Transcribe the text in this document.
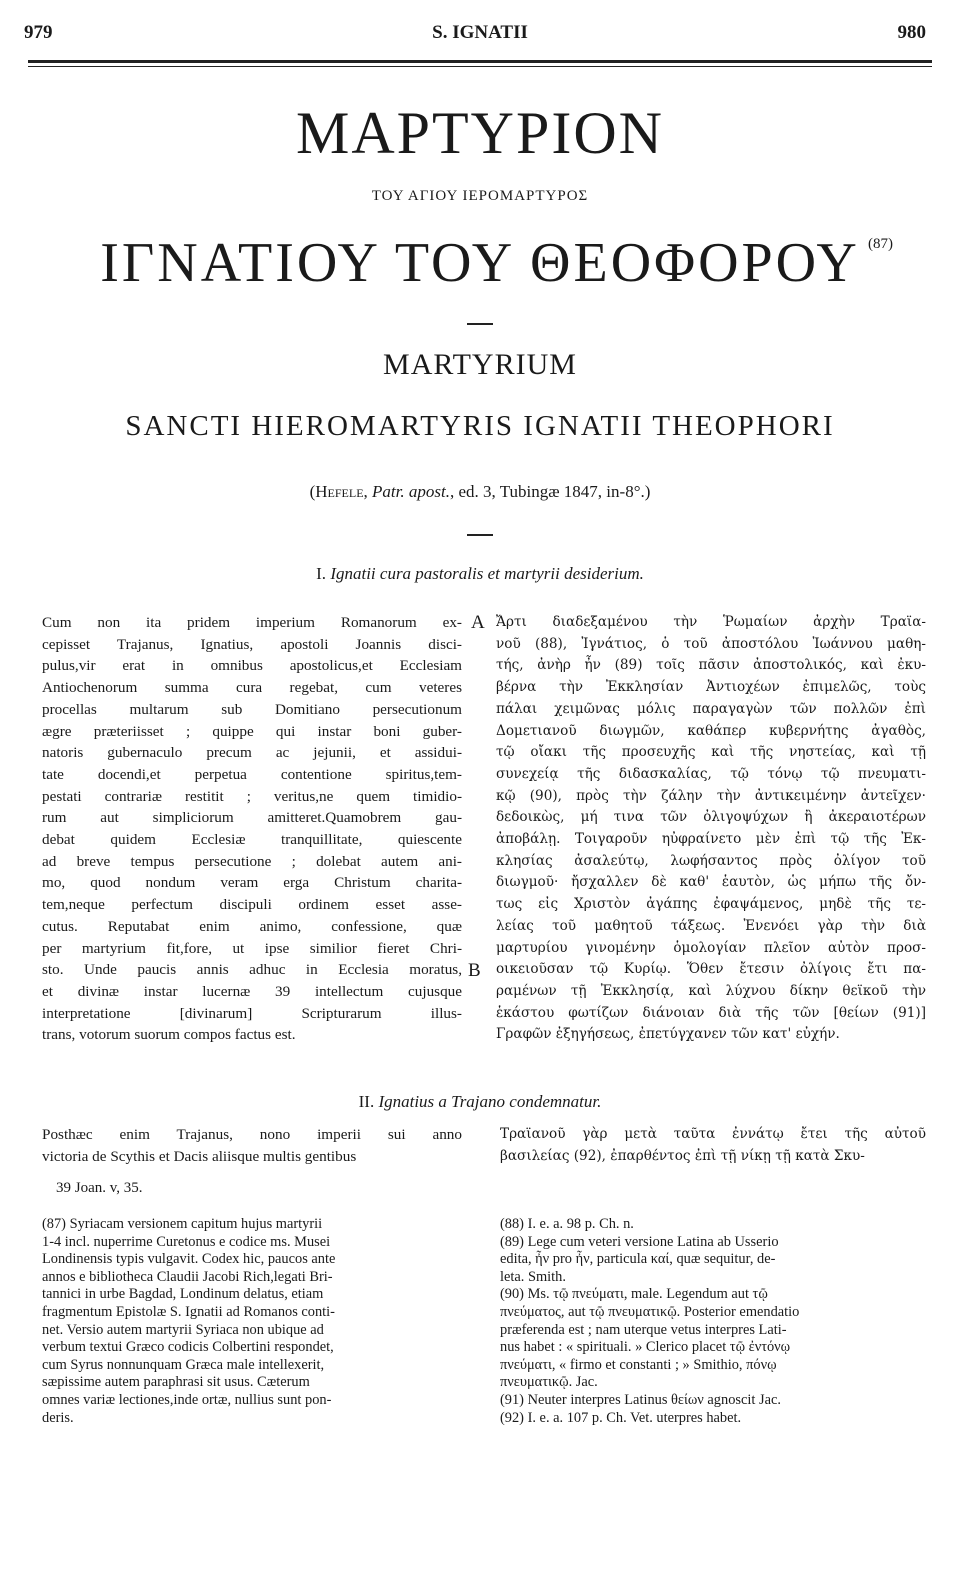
979	S. IGNATII	980
ΜΑΡΤΥΡΙΟΝ
ΤΟΥ ΑΓΙΟΥ ΙΕΡΟΜΑΡΤΥΡΟΣ
ΙΓΝΑΤΙΟΥ ΤΟΥ ΘΕΟΦΟΡΟΥ (87)
MARTYRIUM
SANCTI HIEROMARTYRIS IGNATII THEOPHORI
(Hefele, Patr. apost., ed. 3, Tubingæ 1847, in-8°.)
I. Ignatii cura pastoralis et martyrii desiderium.
A
B
Cum non ita pridem imperium Romanorum ex-
cepisset Trajanus, Ignatius, apostoli Joannis disci-
pulus,vir erat in omnibus apostolicus,et Ecclesiam
Antiochenorum summa cura regebat, cum veteres
procellas multarum sub Domitiano persecutionum
ægre præteriisset ; quippe qui instar boni guber-
natoris gubernaculo precum ac jejunii, et assidui-
tate docendi,et perpetua contentione spiritus,tem-
pestati contrariæ restitit ; veritus,ne quem timidio-
rum aut simpliciorum amitteret.Quamobrem gau-
debat quidem Ecclesiæ tranquillitate, quiescente
ad breve tempus persecutione ; dolebat autem ani-
mo, quod nondum veram erga Christum charita-
tem,neque perfectum discipuli ordinem esset asse-
cutus. Reputabat enim animo, confessione, quæ
per martyrium fit,fore, ut ipse similior fieret Chri-
sto. Unde paucis annis adhuc in Ecclesia moratus,
et divinæ instar lucernæ 39 intellectum cujusque
interpretatione [divinarum] Scripturarum illus-
trans, votorum suorum compos factus est.
Ἄρτι διαδεξαμένου τὴν Ῥωμαίων ἀρχὴν Τραϊα-
νοῦ (88), Ἰγνάτιος, ὁ τοῦ ἀποστόλου Ἰωάννου μαθη-
τής, ἀνὴρ ἦν (89) τοῖς πᾶσιν ἀποστολικός, καὶ ἐκυ-
βέρνα τὴν Ἐκκλησίαν Ἀντιοχέων ἐπιμελῶς, τοὺς
πάλαι χειμῶνας μόλις παραγαγὼν τῶν πολλῶν ἐπὶ
Δομετιανοῦ διωγμῶν, καθάπερ κυβερνήτης ἀγαθὸς,
τῷ οἴακι τῆς προσευχῆς καὶ τῆς νηστείας, καὶ τῇ
συνεχείᾳ τῆς διδασκαλίας, τῷ τόνῳ τῷ πνευματι-
κῷ (90), πρὸς τὴν ζάλην τὴν ἀντικειμένην ἀντεῖχεν·
δεδοικὼς, μή τινα τῶν ὀλιγοψύχων ἢ ἀκεραιοτέρων
ἀποβάλῃ. Τοιγαροῦν ηὐφραίνετο μὲν ἐπὶ τῷ τῆς Ἐκ-
κλησίας ἀσαλεύτῳ, λωφήσαντος πρὸς ὀλίγον τοῦ
διωγμοῦ· ἤσχαλλεν δὲ καθ' ἑαυτὸν, ὡς μήπω τῆς ὄν-
τως εἰς Χριστὸν ἀγάπης ἐφαψάμενος, μηδὲ τῆς τε-
λείας τοῦ μαθητοῦ τάξεως. Ἐνενόει γὰρ τὴν διὰ
μαρτυρίου γινομένην ὁμολογίαν πλεῖον αὐτὸν προσ-
οικειοῦσαν τῷ Κυρίῳ. Ὅθεν ἔτεσιν ὀλίγοις ἔτι πα-
ραμένων τῇ Ἐκκλησίᾳ, καὶ λύχνου δίκην θεϊκοῦ τὴν
ἑκάστου φωτίζων διάνοιαν διὰ τῆς τῶν [θείων (91)]
Γραφῶν ἐξηγήσεως, ἐπετύγχανεν τῶν κατ' εὐχήν.
II. Ignatius a Trajano condemnatur.
Posthæc enim Trajanus, nono imperii sui anno
victoria de Scythis et Dacis aliisque multis gentibus
Τραϊανοῦ γὰρ μετὰ ταῦτα ἐννάτῳ ἔτει τῆς αὐτοῦ
βασιλείας (92), ἐπαρθέντος ἐπὶ τῇ νίκῃ τῇ κατὰ Σκυ-
39 Joan. v, 35.
(87) Syriacam versionem capitum hujus martyrii
1-4 incl. nuperrime Curetonus e codice ms. Musei
Londinensis typis vulgavit. Codex hic, paucos ante
annos e bibliotheca Claudii Jacobi Rich,legati Bri-
tannici in urbe Bagdad, Londinum delatus, etiam
fragmentum Epistolæ S. Ignatii ad Romanos conti-
net. Versio autem martyrii Syriaca non ubique ad
verbum textui Græco codicis Colbertini respondet,
cum Syrus nonnunquam Græca male intellexerit,
sæpissime autem paraphrasi sit usus. Cæterum
omnes variæ lectiones,inde ortæ, nullius sunt pon-
deris.
(88) I. e. a. 98 p. Ch. n.
(89) Lege cum veteri versione Latina ab Usserio
edita, ἦν pro ἦν, particula καί, quæ sequitur, de-
leta. Smith.
(90) Ms. τῷ πνεύματι, male. Legendum aut τῷ
πνεύματος, aut τῷ πνευματικῷ. Posterior emendatio
præferenda est ; nam uterque vetus interpres Lati-
nus habet : « spirituali. » Clerico placet τῷ ἐντόνῳ
πνεύματι, « firmo et constanti ; » Smithio, πόνῳ
πνευματικῷ. Jac.
(91) Neuter interpres Latinus θείων agnoscit Jac.
(92) I. e. a. 107 p. Ch. Vet. uterpres habet.
